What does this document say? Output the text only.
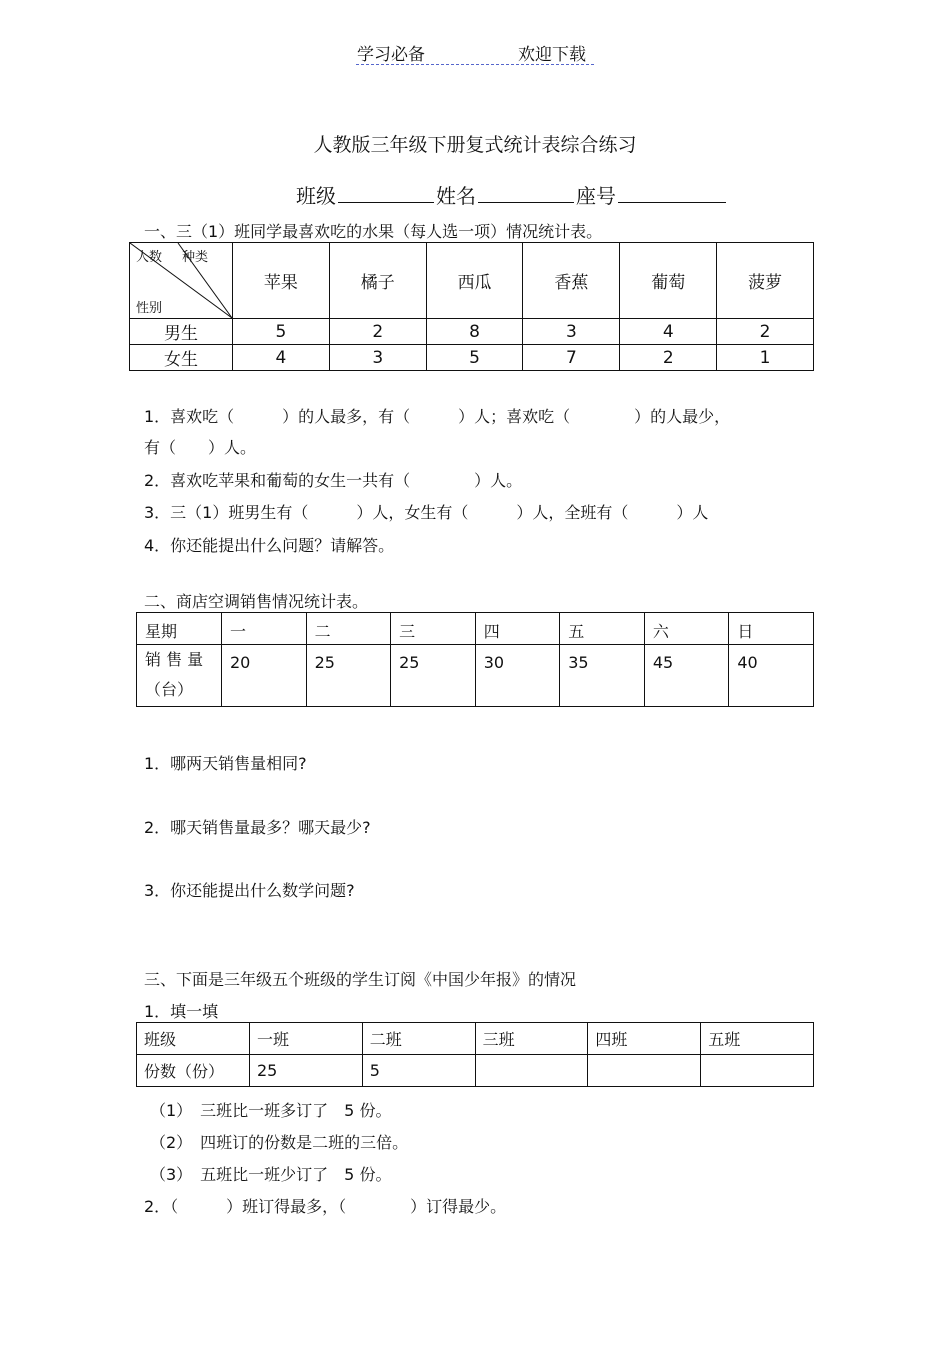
学习必备	欢迎下载
人教版三年级下册复式统计表综合练习
班级	姓名	座号
一、三（1）班同学最喜欢吃的水果（每人选一项）情况统计表。
人数 种类
性别	苹果	橘子	西瓜	香蕉	葡萄	菠萝
男生	5	2	8	3	4	2
女生	4	3	5	7	2	1
1．喜欢吃（　　　）的人最多，有（　　　）人；喜欢吃（　　　　）的人最少，
有（　　）人。
2．喜欢吃苹果和葡萄的女生一共有（　　　　）人。
3．三（1）班男生有（　　　）人，女生有（　　　）人，全班有（　　　）人
4．你还能提出什么问题？请解答。
二、商店空调销售情况统计表。
星期	一	二	三	四	五	六	日

销 售 量
（台）	20	25	25	30	35	45	40
1．哪两天销售量相同?
2．哪天销售量最多？哪天最少?
3．你还能提出什么数学问题?
三、下面是三年级五个班级的学生订阅《中国少年报》的情况
1．填一填
班级	一班	二班	三班	四班	五班
份数（份）	25	5			
（1）　三班比一班多订了　5 份。
（2）　四班订的份数是二班的三倍。
（3）　五班比一班少订了　5 份。
2．（　　　）班订得最多，（　　　　）订得最少。
